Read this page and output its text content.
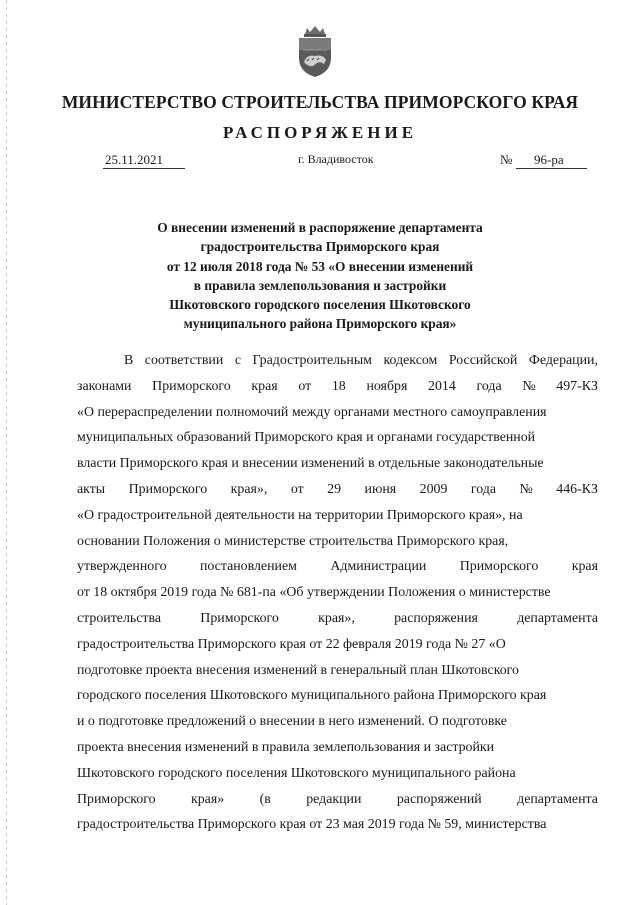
МИНИСТЕРСТВО СТРОИТЕЛЬСТВА ПРИМОРСКОГО КРАЯ
РАСПОРЯЖЕНИЕ
25.11.2021	г. Владивосток	№	96-ра
О внесении изменений в распоряжение департамента
градостроительства Приморского края
от 12 июля 2018 года № 53 «О внесении изменений
в правила землепользования и застройки
Шкотовского городского поселения Шкотовского
муниципального района Приморского края»
В соответствии с Градостроительным кодексом Российской Федерации,
законами Приморского края от 18 ноября 2014 года № 497-КЗ
«О перераспределении полномочий между органами местного самоуправления
муниципальных образований Приморского края и органами государственной
власти Приморского края и внесении изменений в отдельные законодательные
акты Приморского края», от 29 июня 2009 года № 446-КЗ
«О градостроительной деятельности на территории Приморского края», на
основании Положения о министерстве строительства Приморского края,
утвержденного постановлением Администрации Приморского края
от 18 октября 2019 года № 681-па «Об утверждении Положения о министерстве
строительства	Приморского	края»,	распоряжения	департамента
градостроительства Приморского края от 22 февраля 2019 года № 27 «О
подготовке проекта внесения изменений в генеральный план Шкотовского
городского поселения Шкотовского муниципального района Приморского края
и о подготовке предложений о внесении в него изменений. О подготовке
проекта внесения изменений в правила землепользования и застройки
Шкотовского городского поселения Шкотовского муниципального района
Приморского	края»	(в	редакции	распоряжений	департамента
градостроительства Приморского края от 23 мая 2019 года № 59, министерства
